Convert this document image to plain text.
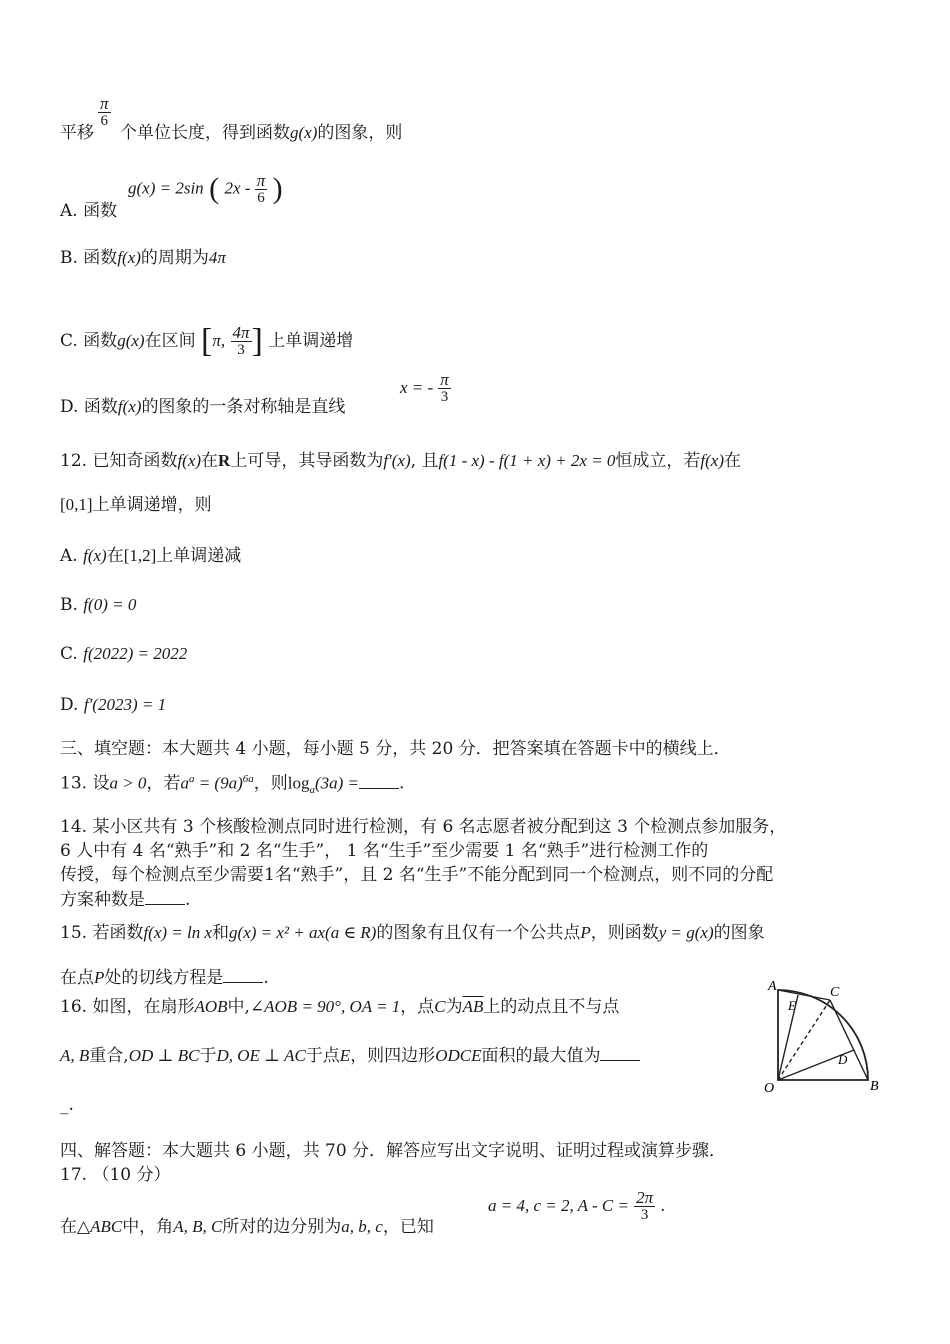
$\frac{\pi}{6}$
平移 个单位长度，得到函数g(x)的图象，则
A. 函数
g(x) = 2sin ( $2x - \frac{\pi}{6}$ )
B. 函数f(x)的周期为4π
C. 函数g(x)在区间 [π, $\frac{4\pi}{3}$ ] 上单调递增
D. 函数f(x)的图象的一条对称轴是直线
x = - $\frac{\pi}{3}$
12. 已知奇函数f(x)在R上可导，其导函数为f′(x), 且f(1 - x) - f(1 + x) + 2x = 0恒成立，若f(x)在
[0,1]上单调递增，则
A. f(x)在[1,2]上单调递减
B. f(0) = 0
C. f(2022) = 2022
D. f′(2023) = 1
三、填空题：本大题共 4 小题，每小题 5 分，共 20 分．把答案填在答题卡中的横线上．
13. 设a > 0，若$a^a = (9a)^{6a}$，则$\log_a(3a)$ = .
14. 某小区共有 3 个核酸检测点同时进行检测，有 6 名志愿者被分配到这 3 个检测点参加服务，
6 人中有 4 名“熟手”和 2 名“生手”， 1 名“生手”至少需要 1 名“熟手”进行检测工作的
传授，每个检测点至少需要1名“熟手”，且 2 名“生手”不能分配到同一个检测点，则不同的分配
方案种数是 .
15. 若函数f(x) = ln x和g(x) = x² + ax(a ∈ R)的图象有且仅有一个公共点P，则函数y = g(x)的图象
在点P处的切线方程是 .
16. 如图，在扇形AOB中,∠AOB = 90°, OA = 1，点C为$\overline{AB}$上的动点且不与点
A, B重合,OD ⊥ BC于D, OE ⊥ AC于点E，则四边形ODCE面积的最大值为
_.
A	C
E
D
O	B
四、解答题：本大题共 6 小题，共 70 分．解答应写出文字说明、证明过程或演算步骤．
17. （10 分）
在△ABC中，角A, B, C所对的边分别为a, b, c，已知
a = 4, c = 2, $A - C = \frac{2\pi}{3}$ .
